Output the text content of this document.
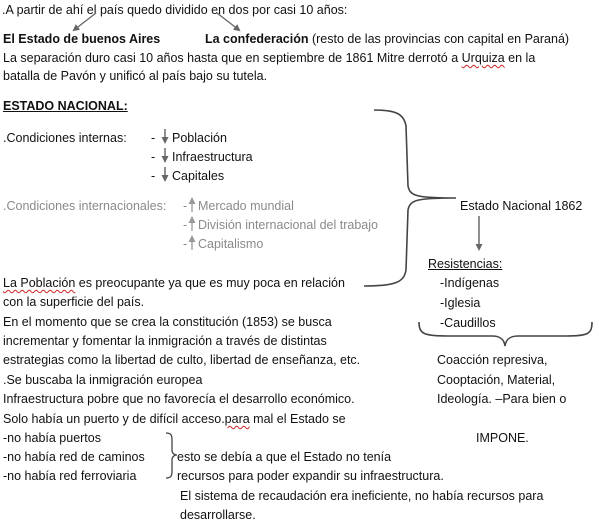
.A partir de ahí el país quedo dividido en dos por casi 10 años:
El Estado de buenos Aires	La confederación (resto de las provincias con capital en Paraná)
La separación duro casi 10 años hasta que en septiembre de 1861 Mitre derrotó a Urquiza en la
batalla de Pavón y unificó al país bajo su tutela.
ESTADO NACIONAL:
.Condiciones internas: - Población
- Infraestructura
- Capitales
.Condiciones internacionales: - Mercado mundial
- División internacional del trabajo
- Capitalismo
Estado Nacional 1862
Resistencias:
-Indígenas
-Iglesia
-Caudillos
Coacción represiva,
Cooptación, Material,
Ideología. –Para bien o
IMPONE.
La Población es preocupante ya que es muy poca en relación
con la superficie del país.
En el momento que se crea la constitución (1853) se busca
incrementar y fomentar la inmigración a través de distintas
estrategias como la libertad de culto, libertad de enseñanza, etc.
.Se buscaba la inmigración europea
Infraestructura pobre que no favorecía el desarrollo económico.
Solo había un puerto y de difícil acceso.para mal el Estado se
-no había puertos
-no había red de caminos
-no había red ferroviaria
esto se debía a que el Estado no tenía
recursos para poder expandir su infraestructura.
El sistema de recaudación era ineficiente, no había recursos para
desarrollarse.
